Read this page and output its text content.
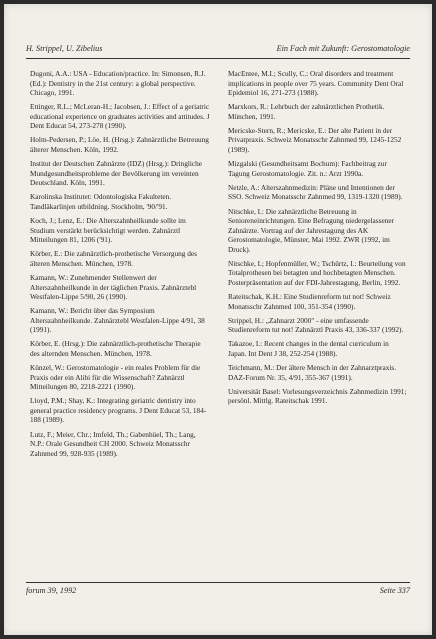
H. Strippel, U. Zibelius	Ein Fach mit Zukunft: Gerostomatologie

Dugoni, A.A.: USA - Education/practice. In: Simonsen, R.J. (Ed.): Dentistry in the 21st century: a global perspective. Chicago, 1991.

Ettinger, R.L.; McLeran-H.; Jacobsen, J.: Effect of a geriatric educational experience on graduates activities and attitudes. J Dent Educat 54, 273-278 (1990).

Holm-Pedersen, P.; Löe, H. (Hrsg.): Zahnärztliche Betreuung älterer Menschen. Köln, 1992.

Institut der Deutschen Zahnärzte (IDZ) (Hrsg.): Dringliche Mundgesundheitsprobleme der Bevölkerung im vereinten Deutschland. Köln, 1991.

Karolinska Institutet: Odontologiska Fakulteten. Tandläkarlinjen utbildning. Stockholm, '90/'91.

Koch, J.; Lenz, E.: Die Alterszahnheilkunde sollte im Studium verstärkt berücksichtigt werden. Zahnärztl Mitteilungen 81, 1206 ('91).

Körber, E.: Die zahnärztlich-prothetische Versorgung des älteren Menschen. München, 1978.

Kamann, W.: Zunehmender Stellenwert der Alterszahnheilkunde in der täglichen Praxis. Zahnärztebl Westfalen-Lippe 5/90, 26 (1990).

Kamann, W.: Bericht über das Symposium Alterszahnheilkunde. Zahnärztebl Westfalen-Lippe 4/91, 38 (1991).

Körber, E. (Hrsg.): Die zahnärztlich-prothetische Therapie des alternden Menschen. München, 1978.

Künzel, W.: Gerostomatologie - ein reales Problem für die Praxis oder ein Alibi für die Wissenschaft? Zahnärztl Mitteilungen 80, 2218-2221 (1990).

Lloyd, P.M.; Shay, K.: Integrating geriatric dentistry into general practice residency programs. J Dent Educat 53, 184-188 (1989).

Lutz, F.; Meier, Chr.; Imfeld, Th.; Gabenhüel, Th.; Lang, N.P.: Orale Gesundheit CH 2000. Schweiz Monatsschr Zahnmed 99, 928-935 (1989).

MacEntee, M.I.; Scully, C.: Oral disorders and treatment implications in people over 75 years. Community Dent Oral Epidemiol 16, 271-273 (1988).

Marxkors, R.: Lehrbuch der zahnärztlichen Prothetik. München, 1991.

Mericske-Stern, R.; Mericske, E.: Der alte Patient in der Privatpraxis. Schweiz Monatsschr Zahnmed 99, 1245-1252 (1989).

Mizgalski (Gesundheitsamt Bochum): Fachbeitrag zur Tagung Gerostomatologie. Zit. n.: Arzt 1990a.

Netzle, A.: Alterszahnmedizin: Pläne und Intentionen der SSO. Schweiz Monatsschr Zahnmed 99, 1319-1320 (1989).

Nitschke, I.: Die zahnärztliche Betreuung in Senioreneinrichtungen. Eine Befragung niedergelassener Zahnärzte. Vortrag auf der Jahrestagung des AK Gerostomatologie, Münster, Mai 1992. ZWR (1992, im Druck).

Nitschke, I.; Hopfenmüller, W.; Tschürtz, I.: Beurteilung von Totalprothesen bei betagten und hochbetagten Menschen. Posterpräsentation auf der FDI-Jahrestagung, Berlin, 1992.

Rateitschak, K.H.: Eine Studienreform tut not! Schweiz Monatsschr Zahnmed 100, 351-354 (1990).

Strippel, H.: „Zahnarzt 2000" - eine umfassende Studienreform tut not! Zahnärztl Praxis 43, 336-337 (1992).

Takazoe, I.: Recent changes in the dental curriculum in Japan. Int Dent J 38, 252-254 (1988).

Teichmann, M.: Der ältere Mensch in der Zahnarztpraxis. DAZ-Forum Nr. 35, 4/91, 355-367 (1991).

Universität Basel: Vorlesungsverzeichnis Zahnmedizin 1991; persönl. Mittlg. Rateitschak 1991.

forum 39, 1992	Seite 337
